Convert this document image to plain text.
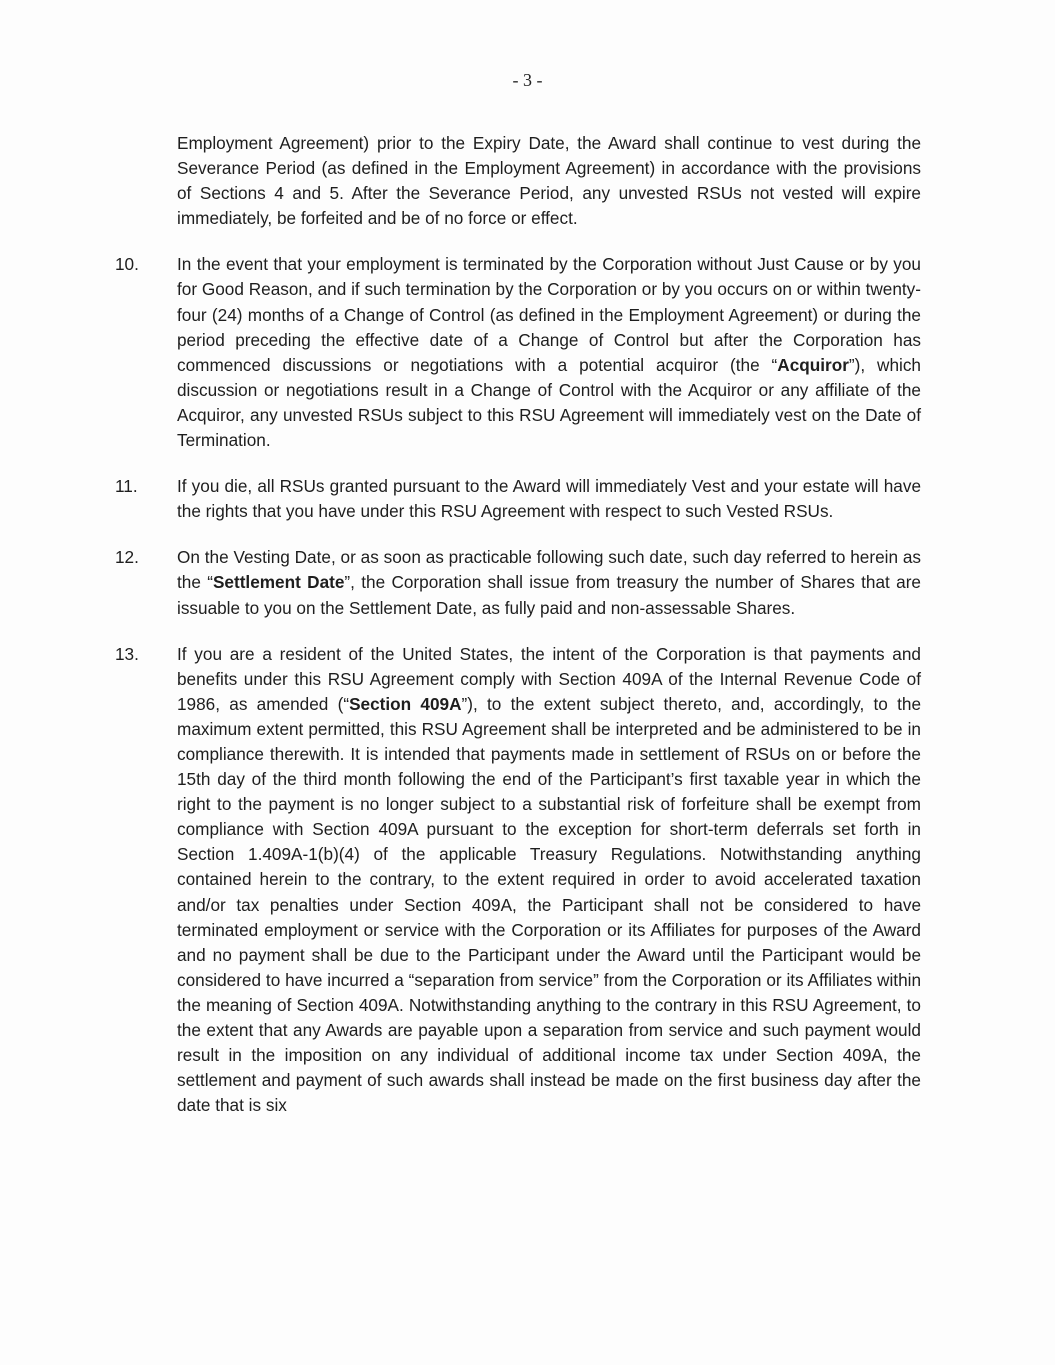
- 3 -

Employment Agreement) prior to the Expiry Date, the Award shall continue to vest during the Severance Period (as defined in the Employment Agreement) in accordance with the provisions of Sections 4 and 5. After the Severance Period, any unvested RSUs not vested will expire immediately, be forfeited and be of no force or effect.

10. In the event that your employment is terminated by the Corporation without Just Cause or by you for Good Reason, and if such termination by the Corporation or by you occurs on or within twenty-four (24) months of a Change of Control (as defined in the Employment Agreement) or during the period preceding the effective date of a Change of Control but after the Corporation has commenced discussions or negotiations with a potential acquiror (the “Acquiror”), which discussion or negotiations result in a Change of Control with the Acquiror or any affiliate of the Acquiror, any unvested RSUs subject to this RSU Agreement will immediately vest on the Date of Termination.

11. If you die, all RSUs granted pursuant to the Award will immediately Vest and your estate will have the rights that you have under this RSU Agreement with respect to such Vested RSUs.

12. On the Vesting Date, or as soon as practicable following such date, such day referred to herein as the “Settlement Date”, the Corporation shall issue from treasury the number of Shares that are issuable to you on the Settlement Date, as fully paid and non-assessable Shares.

13. If you are a resident of the United States, the intent of the Corporation is that payments and benefits under this RSU Agreement comply with Section 409A of the Internal Revenue Code of 1986, as amended (“Section 409A”), to the extent subject thereto, and, accordingly, to the maximum extent permitted, this RSU Agreement shall be interpreted and be administered to be in compliance therewith. It is intended that payments made in settlement of RSUs on or before the 15th day of the third month following the end of the Participant’s first taxable year in which the right to the payment is no longer subject to a substantial risk of forfeiture shall be exempt from compliance with Section 409A pursuant to the exception for short-term deferrals set forth in Section 1.409A-1(b)(4) of the applicable Treasury Regulations. Notwithstanding anything contained herein to the contrary, to the extent required in order to avoid accelerated taxation and/or tax penalties under Section 409A, the Participant shall not be considered to have terminated employment or service with the Corporation or its Affiliates for purposes of the Award and no payment shall be due to the Participant under the Award until the Participant would be considered to have incurred a “separation from service” from the Corporation or its Affiliates within the meaning of Section 409A. Notwithstanding anything to the contrary in this RSU Agreement, to the extent that any Awards are payable upon a separation from service and such payment would result in the imposition on any individual of additional income tax under Section 409A, the settlement and payment of such awards shall instead be made on the first business day after the date that is six
